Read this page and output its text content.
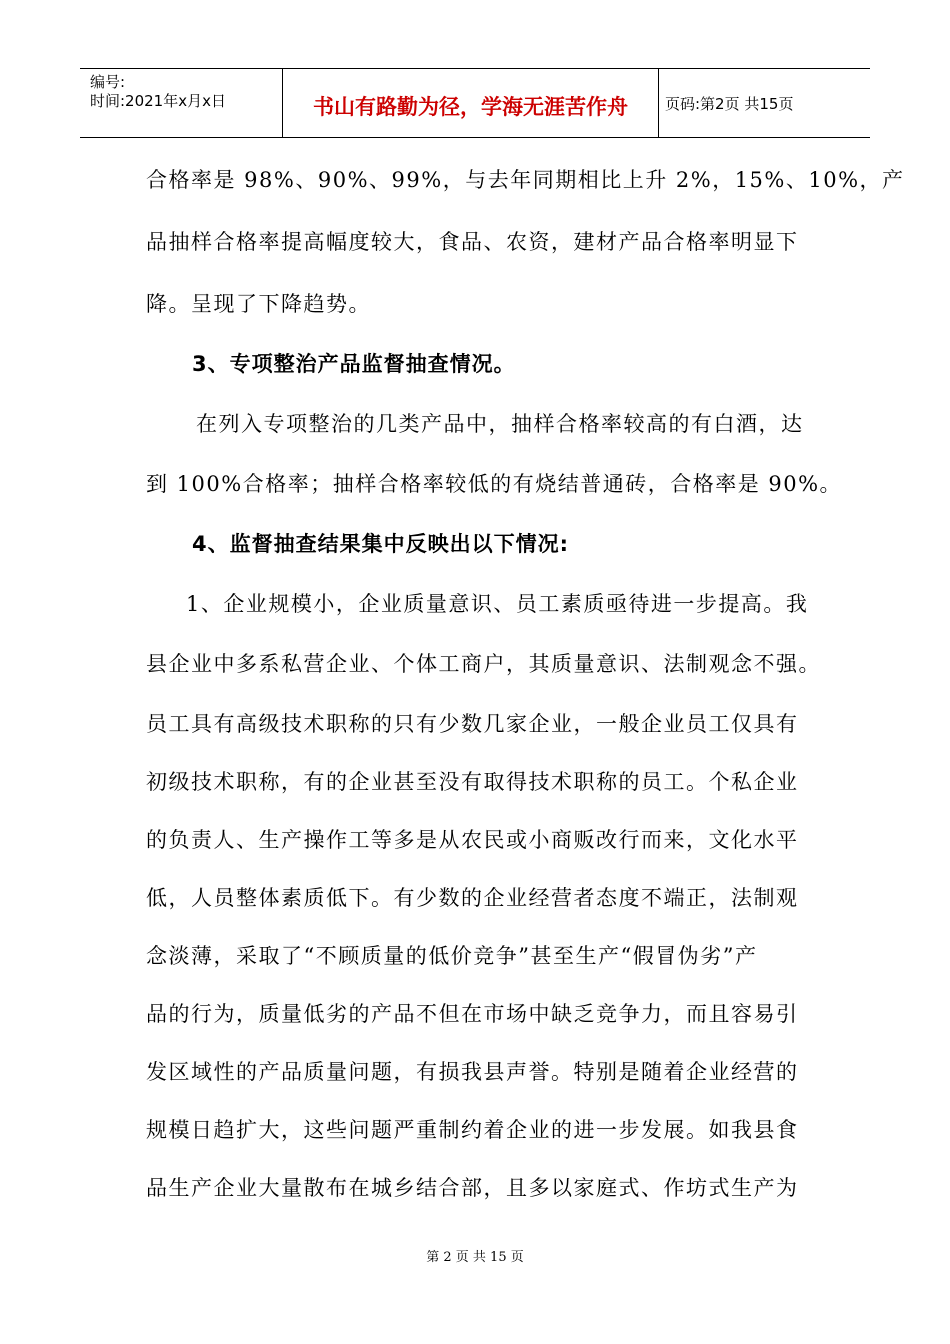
编号:
时间:2021年x月x日	书山有路勤为径，学海无涯苦作舟	页码:第2页 共15页
合格率是 98%、90%、99%，与去年同期相比上升 2%，15%、10%，产
品抽样合格率提高幅度较大，食品、农资，建材产品合格率明显下
降。呈现了下降趋势。
3、专项整治产品监督抽查情况。
在列入专项整治的几类产品中，抽样合格率较高的有白酒，达
到 100%合格率；抽样合格率较低的有烧结普通砖，合格率是 90%。
4、监督抽查结果集中反映出以下情况:
1、企业规模小，企业质量意识、员工素质亟待进一步提高。我
县企业中多系私营企业、个体工商户，其质量意识、法制观念不强。
员工具有高级技术职称的只有少数几家企业，一般企业员工仅具有
初级技术职称，有的企业甚至没有取得技术职称的员工。个私企业
的负责人、生产操作工等多是从农民或小商贩改行而来，文化水平
低，人员整体素质低下。有少数的企业经营者态度不端正，法制观
念淡薄，采取了“不顾质量的低价竞争”甚至生产“假冒伪劣”产
品的行为，质量低劣的产品不但在市场中缺乏竞争力，而且容易引
发区域性的产品质量问题，有损我县声誉。特别是随着企业经营的
规模日趋扩大，这些问题严重制约着企业的进一步发展。如我县食
品生产企业大量散布在城乡结合部，且多以家庭式、作坊式生产为
第 2 页 共 15 页
